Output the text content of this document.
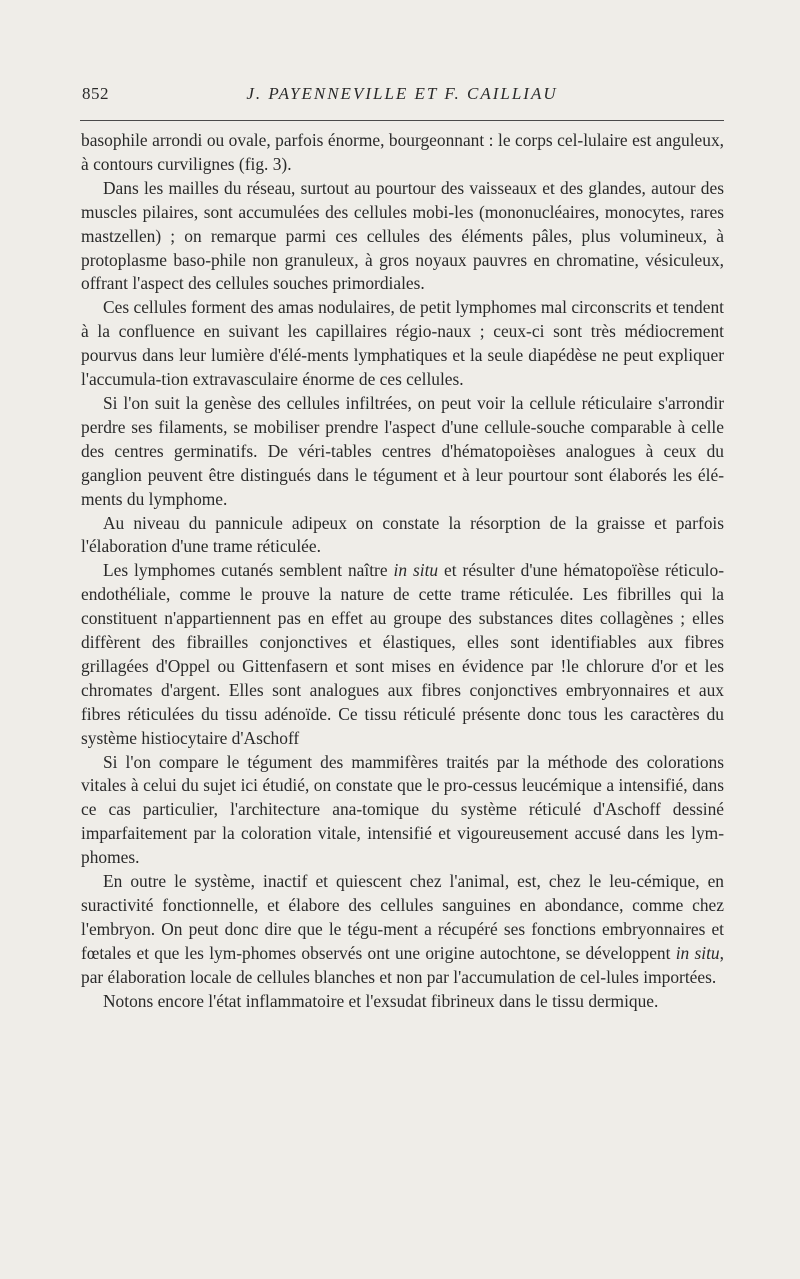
852	J. PAYENNEVILLE ET F. CAILLIAU

basophile arrondi ou ovale, parfois énorme, bourgeonnant : le corps cel-lulaire est anguleux, à contours curvilignes (fig. 3).

Dans les mailles du réseau, surtout au pourtour des vaisseaux et des glandes, autour des muscles pilaires, sont accumulées des cellules mobi-les (mononucléaires, monocytes, rares mastzellen) ; on remarque parmi ces cellules des éléments pâles, plus volumineux, à protoplasme baso-phile non granuleux, à gros noyaux pauvres en chromatine, vésiculeux, offrant l'aspect des cellules souches primordiales.

Ces cellules forment des amas nodulaires, de petit lymphomes mal circonscrits et tendent à la confluence en suivant les capillaires régio-naux ; ceux-ci sont très médiocrement pourvus dans leur lumière d'élé-ments lymphatiques et la seule diapédèse ne peut expliquer l'accumula-tion extravasculaire énorme de ces cellules.

Si l'on suit la genèse des cellules infiltrées, on peut voir la cellule réticulaire s'arrondir perdre ses filaments, se mobiliser prendre l'aspect d'une cellule-souche comparable à celle des centres germinatifs. De véri-tables centres d'hématopoièses analogues à ceux du ganglion peuvent être distingués dans le tégument et à leur pourtour sont élaborés les élé-ments du lymphome.

Au niveau du pannicule adipeux on constate la résorption de la graisse et parfois l'élaboration d'une trame réticulée.

Les lymphomes cutanés semblent naître in situ et résulter d'une hématopoïèse réticulo-endothéliale, comme le prouve la nature de cette trame réticulée. Les fibrilles qui la constituent n'appartiennent pas en effet au groupe des substances dites collagènes ; elles diffèrent des fibrailles conjonctives et élastiques, elles sont identifiables aux fibres grillagées d'Oppel ou Gittenfasern et sont mises en évidence par !le chlorure d'or et les chromates d'argent. Elles sont analogues aux fibres conjonctives embryonnaires et aux fibres réticulées du tissu adénoïde. Ce tissu réticulé présente donc tous les caractères du système histiocytaire d'Aschoff

Si l'on compare le tégument des mammifères traités par la méthode des colorations vitales à celui du sujet ici étudié, on constate que le pro-cessus leucémique a intensifié, dans ce cas particulier, l'architecture ana-tomique du système réticulé d'Aschoff dessiné imparfaitement par la coloration vitale, intensifié et vigoureusement accusé dans les lym-phomes.

En outre le système, inactif et quiescent chez l'animal, est, chez le leu-cémique, en suractivité fonctionnelle, et élabore des cellules sanguines en abondance, comme chez l'embryon. On peut donc dire que le tégu-ment a récupéré ses fonctions embryonnaires et fœtales et que les lym-phomes observés ont une origine autochtone, se développent in situ, par élaboration locale de cellules blanches et non par l'accumulation de cel-lules importées.

Notons encore l'état inflammatoire et l'exsudat fibrineux dans le tissu dermique.
